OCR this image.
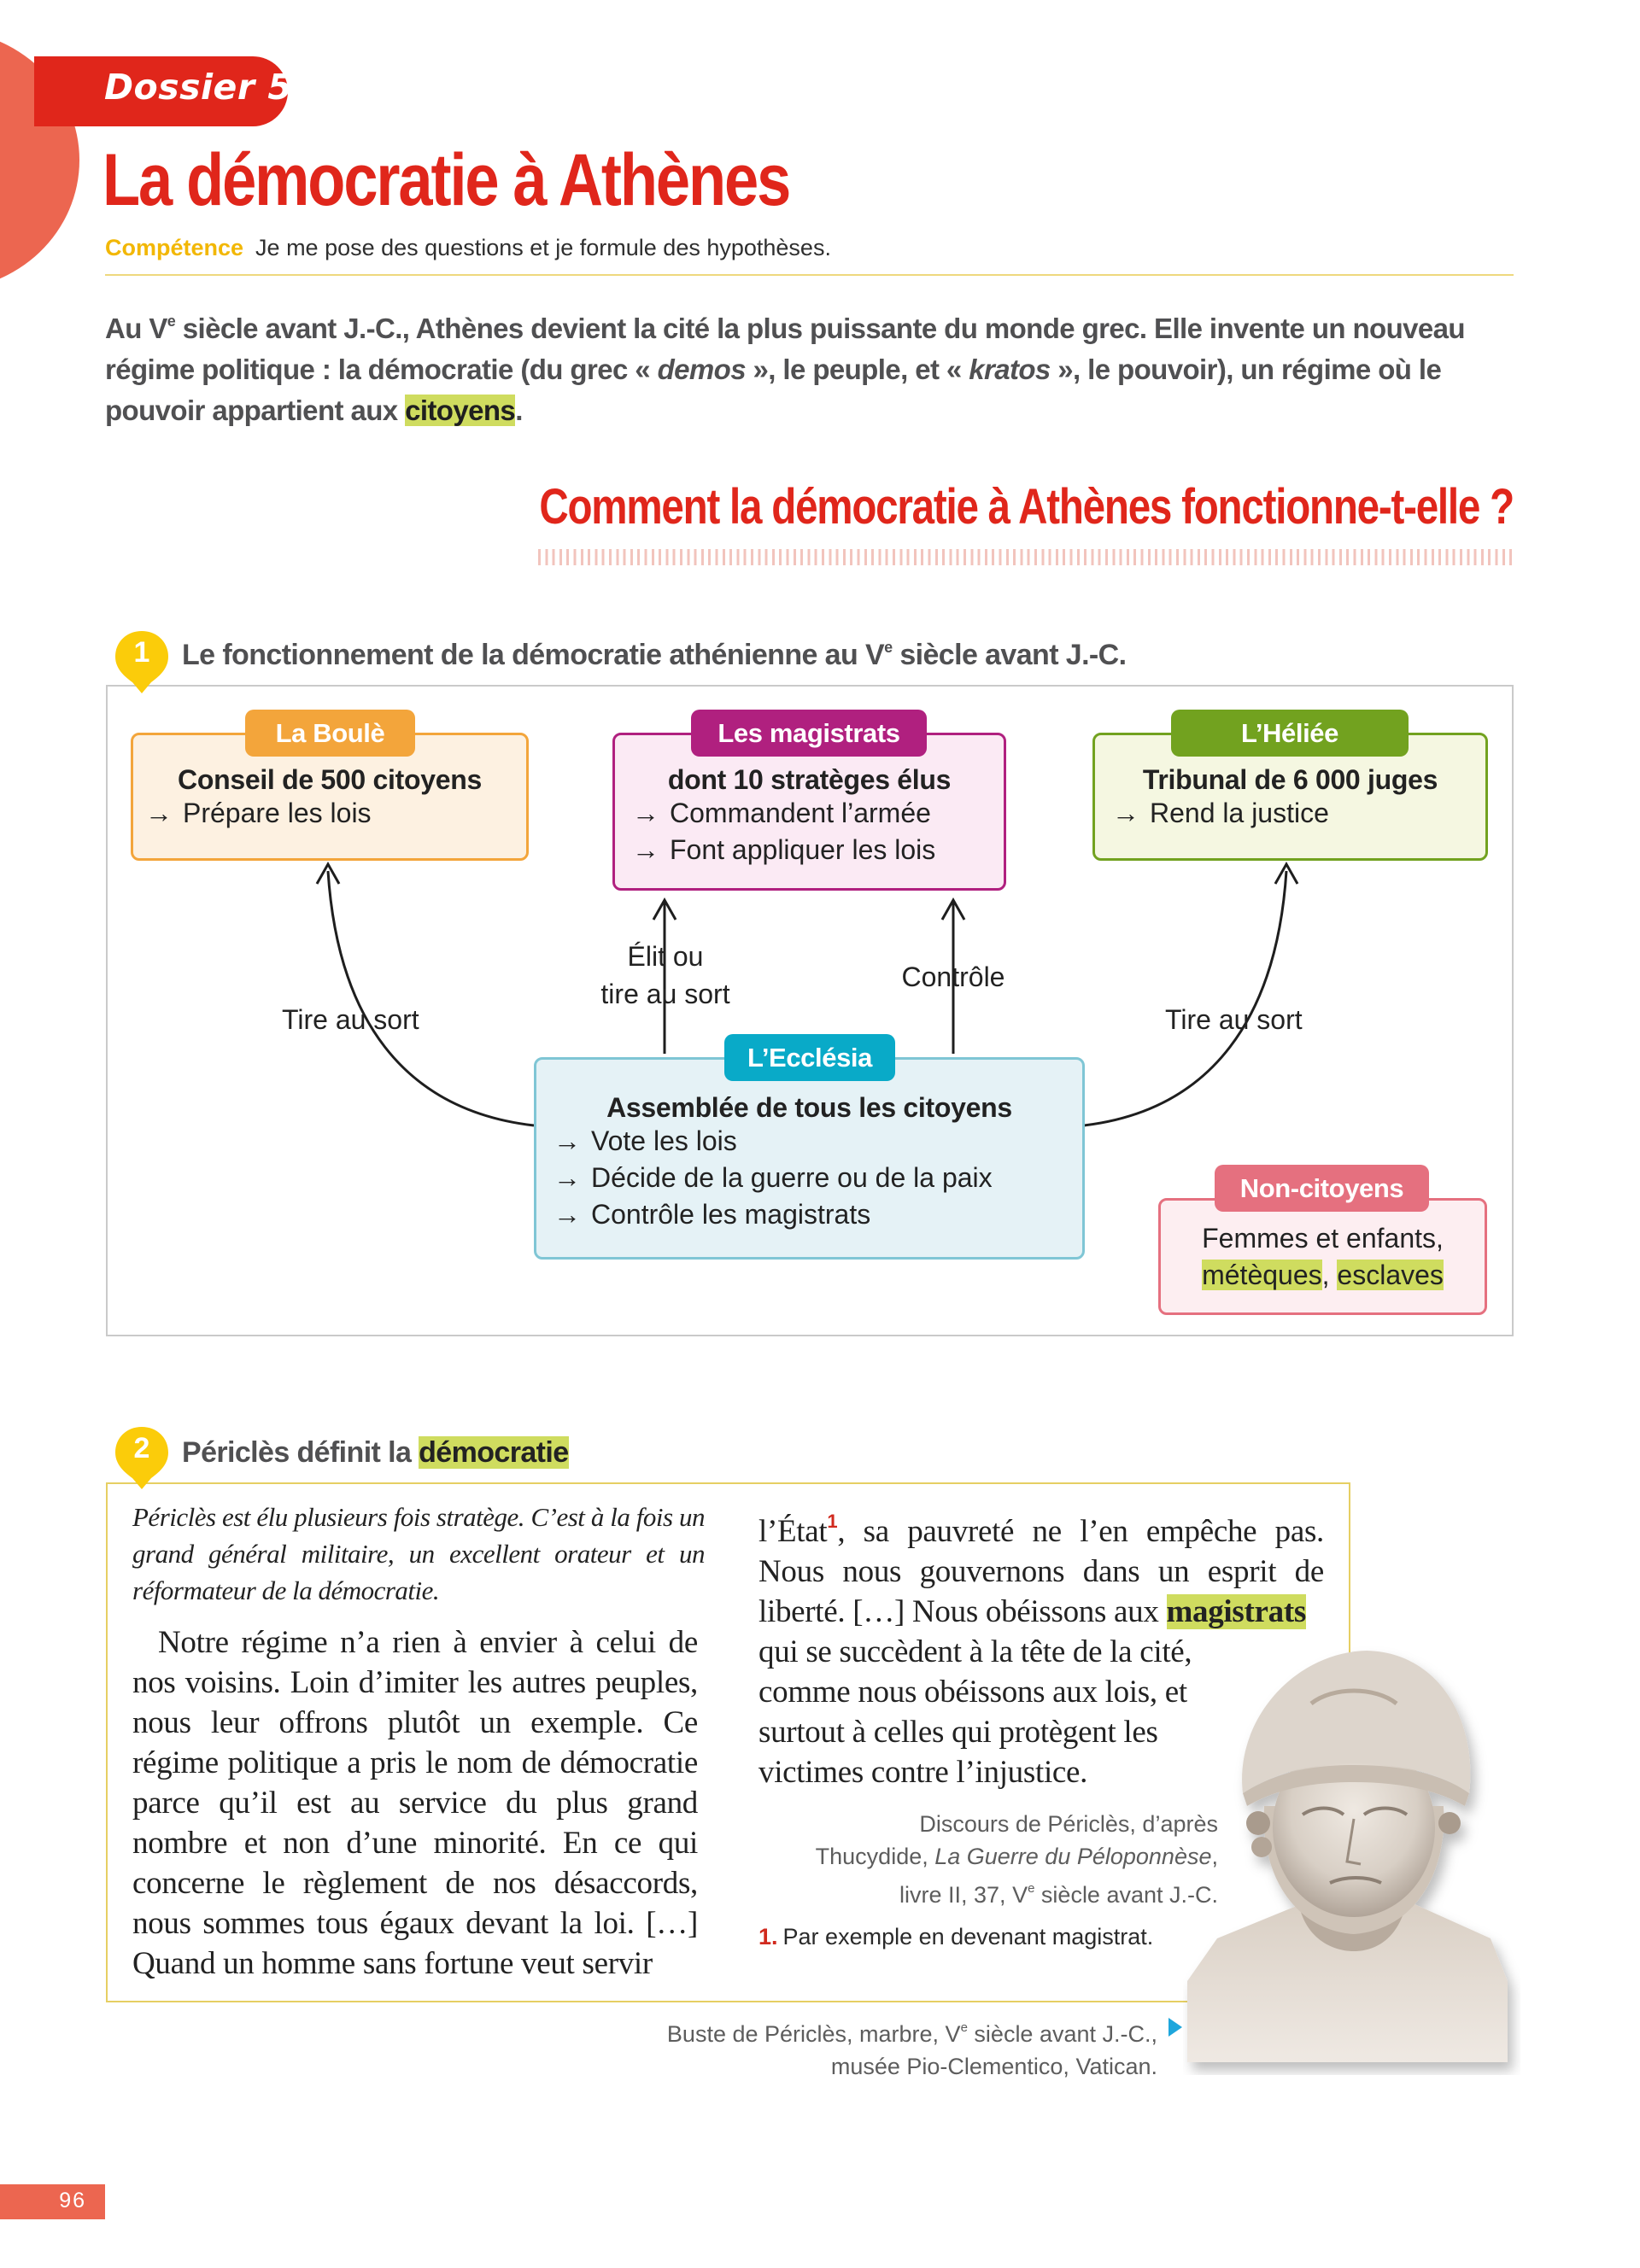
Dossier 5
La démocratie à Athènes
Compétence Je me pose des questions et je formule des hypothèses.

Au Ve siècle avant J.-C., Athènes devient la cité la plus puissante du monde grec. Elle invente un nouveau régime politique : la démocratie (du grec « demos », le peuple, et « kratos », le pouvoir), un régime où le pouvoir appartient aux citoyens.

Comment la démocratie à Athènes fonctionne-t-elle ?
1	Le fonctionnement de la démocratie athénienne au Ve siècle avant J.-C.
Tire au sort
Élit ou
tire au sort
Contrôle
Tire au sort
Conseil de 500 citoyens
→ Prépare les lois
La Boulè
dont 10 stratèges élus
→ Commandent l’armée
→ Font appliquer les lois
Les magistrats
Tribunal de 6 000 juges
→ Rend la justice
L’Héliée
Assemblée de tous les citoyens
→ Vote les lois
→ Décide de la guerre ou de la paix
→ Contrôle les magistrats
L’Ecclésia
Femmes et enfants,
métèques, esclaves
Non-citoyens
2	Périclès définit la démocratie

Périclès est élu plusieurs fois stratège. C’est à la fois un grand général militaire, un excellent orateur et un réformateur de la démocratie.

Notre régime n’a rien à envier à celui de nos voisins. Loin d’imiter les autres peuples, nous leur offrons plutôt un exemple. Ce régime politique a pris le nom de démocratie parce qu’il est au service du plus grand nombre et non d’une minorité. En ce qui concerne le règlement de nos désaccords, nous sommes tous égaux devant la loi. […] Quand un homme sans fortune veut servir

l’État$^1$, sa pauvreté ne l’en empêche pas. Nous nous gouvernons dans un esprit de liberté. […] Nous obéissons aux magistrats
qui se succèdent à la tête de la cité,
comme nous obéissons aux lois, et
surtout à celles qui protègent les
victimes contre l’injustice.
Discours de Périclès, d’après
Thucydide, La Guerre du Péloponnèse,
livre II, 37, Ve siècle avant J.-C.
1. Par exemple en devenant magistrat.
Buste de Périclès, marbre, Ve siècle avant J.-C.,
musée Pio-Clementico, Vatican.
96
